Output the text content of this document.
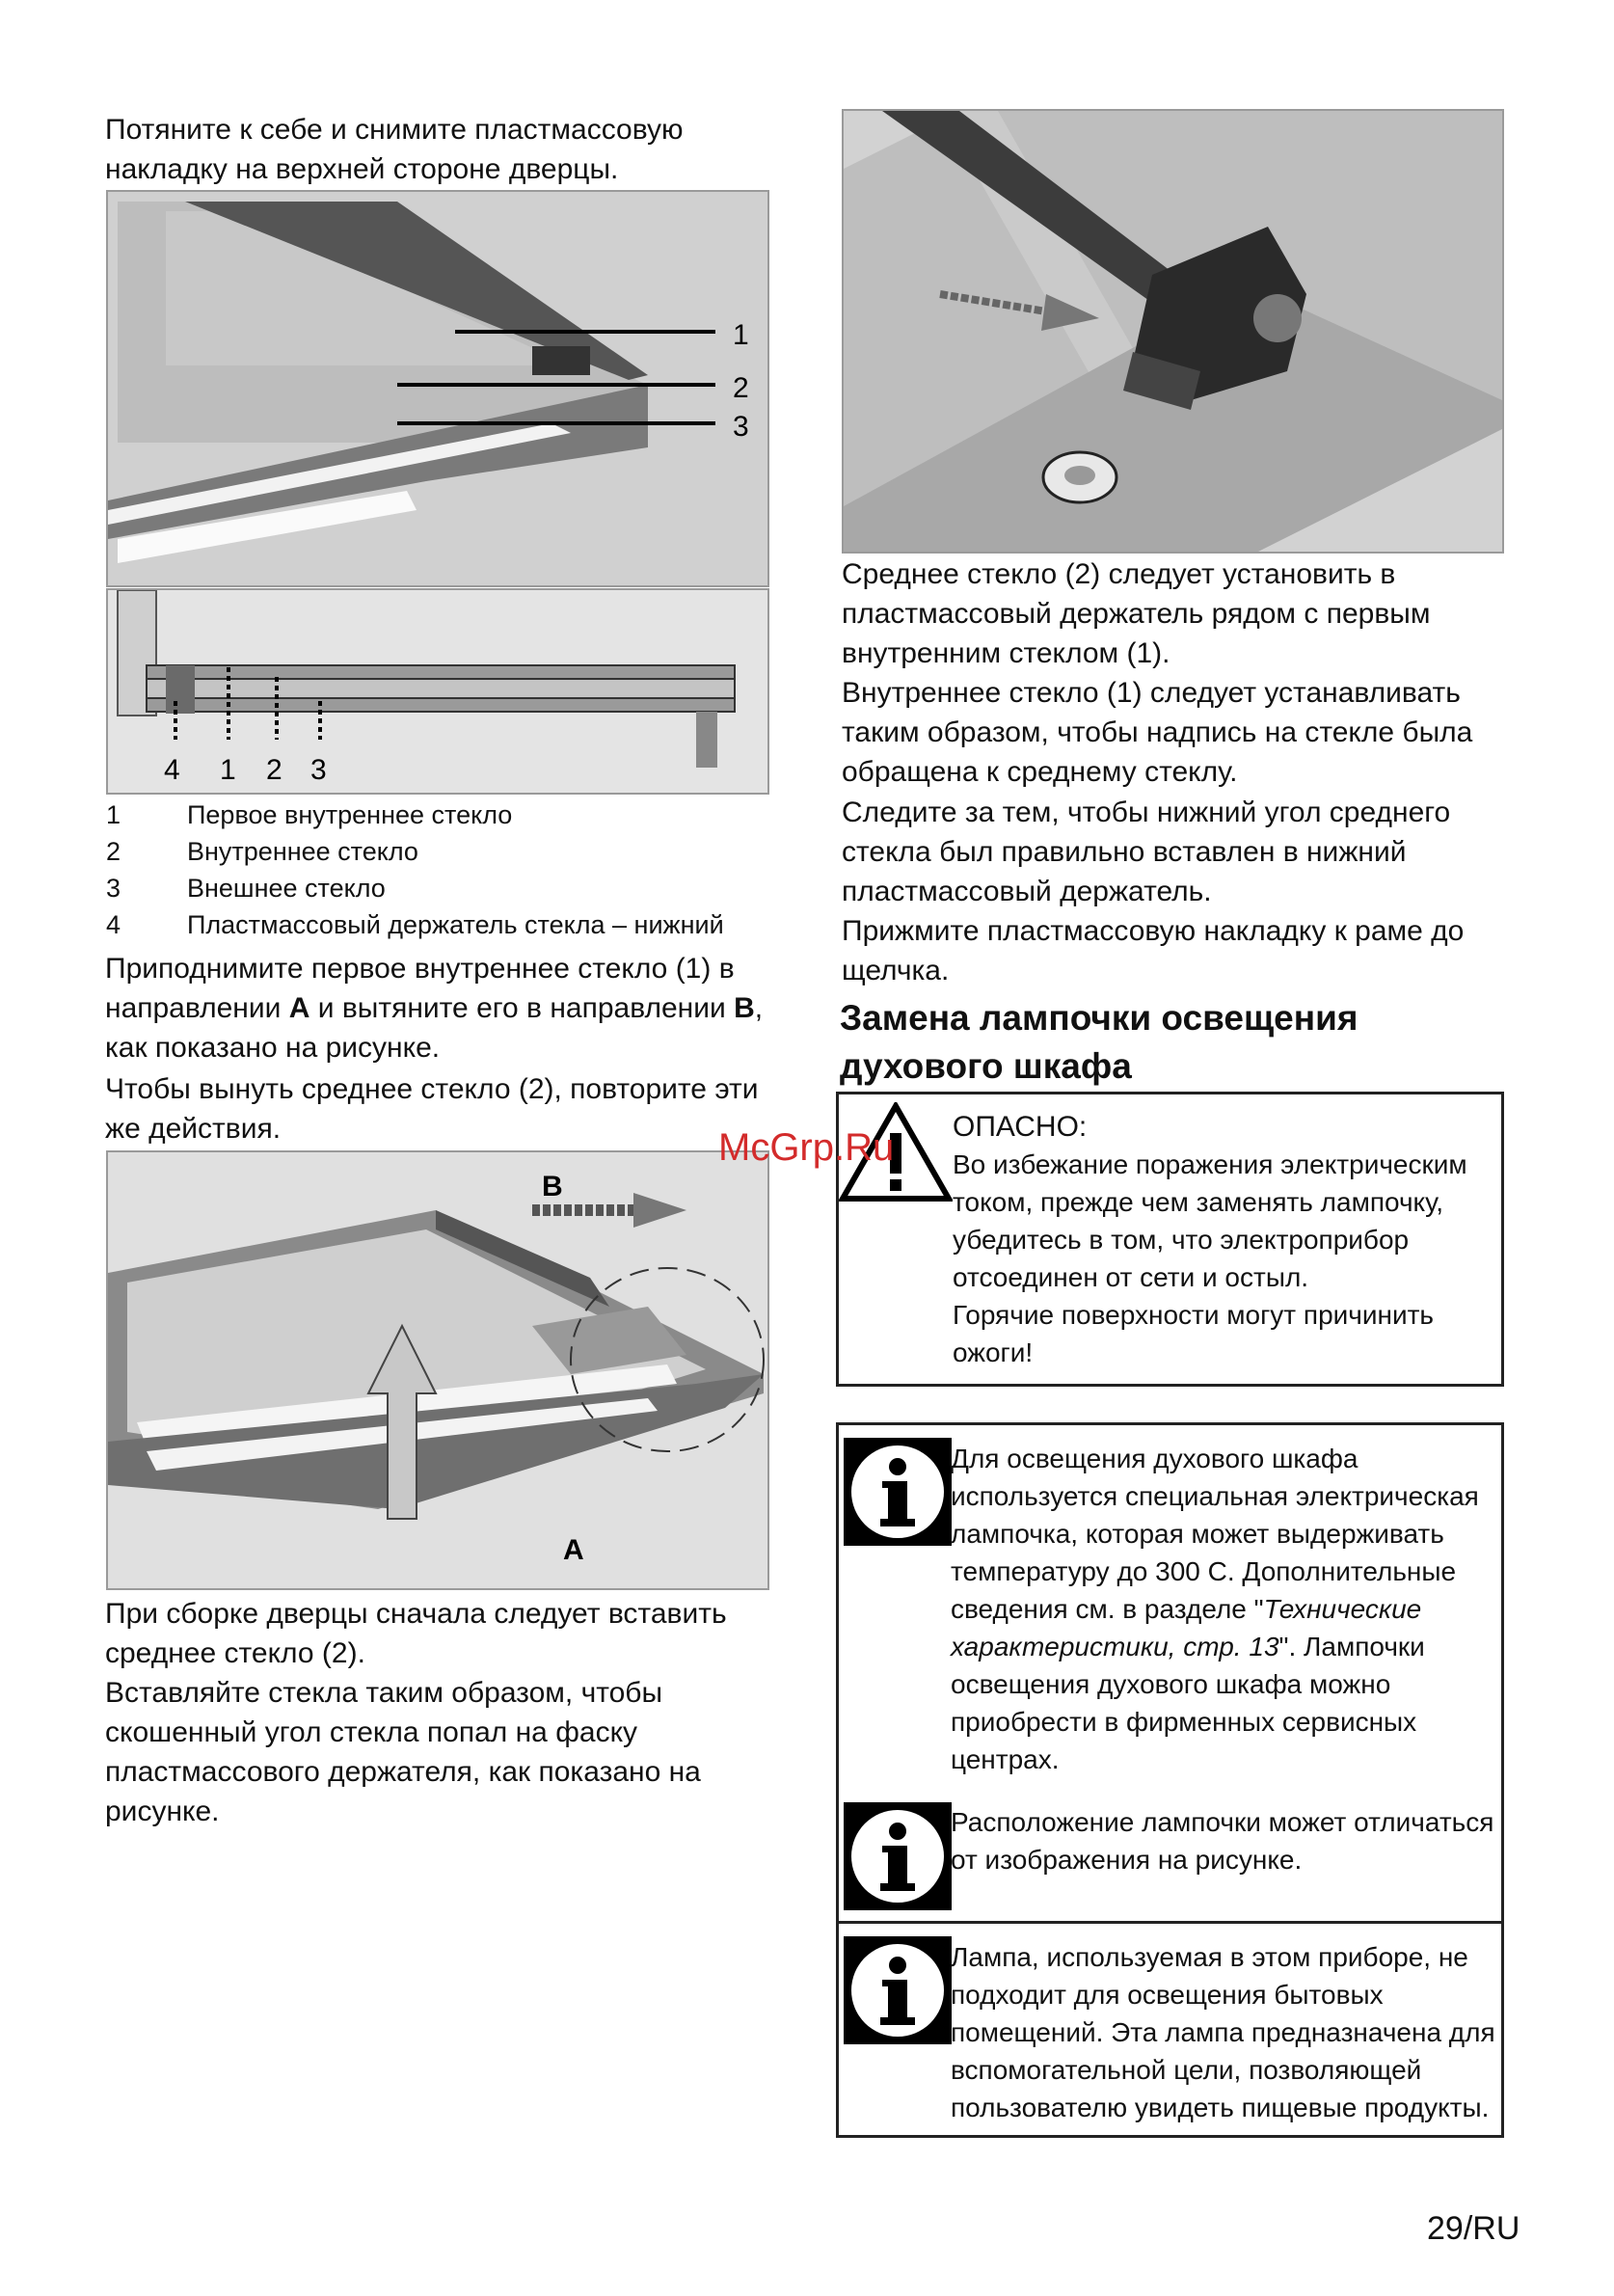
Потяните к себе и снимите пластмассовую накладку на верхней стороне дверцы.

1
2
3
4 1 2 3
1	Первое внутреннее стекло
2	Внутреннее стекло
3	Внешнее стекло
4	Пластмассовый держатель стекла – нижний

Приподнимите первое внутреннее стекло (1) в направлении A и вытяните его в направлении B, как показано на рисунке.

Чтобы вынуть среднее стекло (2), повторите эти же действия.

B
A

При сборке дверцы сначала следует вставить среднее стекло (2).

Вставляйте стекла таким образом, чтобы скошенный угол стекла попал на фаску пластмассового держателя, как показано на рисунке.

Среднее стекло (2) следует установить в пластмассовый держатель рядом с первым внутренним стеклом (1).

Внутреннее стекло (1) следует устанавливать таким образом, чтобы надпись на стекле была обращена к среднему стеклу.

Следите за тем, чтобы нижний угол среднего стекла был правильно вставлен в нижний пластмассовый держатель.

Прижмите пластмассовую накладку к раме до щелчка.

Замена лампочки освещения духового шкафа

ОПАСНО:

Во избежание поражения электрическим током, прежде чем заменять лампочку, убедитесь в том, что электроприбор отсоединен от сети и остыл.

Горячие поверхности могут причинить ожоги!

Для освещения духового шкафа используется специальная электрическая лампочка, которая может выдерживать температуру до 300 С. Дополнительные сведения см. в разделе "Технические характеристики, стр. 13". Лампочки освещения духового шкафа можно приобрести в фирменных сервисных центрах.

Расположение лампочки может отличаться от изображения на рисунке.

Лампа, используемая в этом приборе, не подходит для освещения бытовых помещений. Эта лампа предназначена для вспомогательной цели, позволяющей пользователю увидеть пищевые продукты.

McGrp.Ru
29/RU
